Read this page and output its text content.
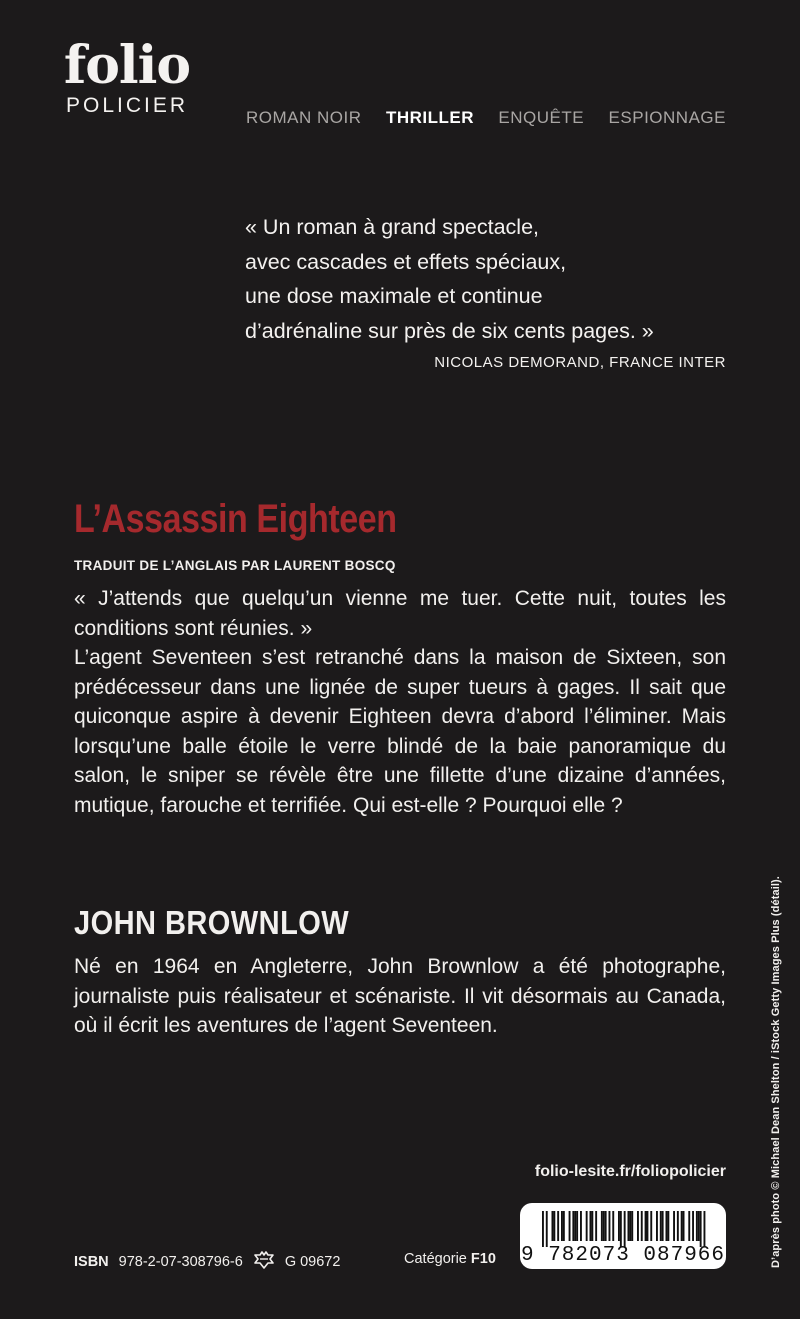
folio
POLICIER
ROMAN NOIR THRILLER ENQUÊTE ESPIONNAGE
« Un roman à grand spectacle,
avec cascades et effets spéciaux,
une dose maximale et continue
d’adrénaline sur près de six cents pages. »
NICOLAS DEMORAND, FRANCE INTER
L’Assassin Eighteen
TRADUIT DE L’ANGLAIS PAR LAURENT BOSCQ

« J’attends que quelqu’un vienne me tuer. Cette nuit, toutes les conditions sont réunies. »

L’agent Seventeen s’est retranché dans la maison de Sixteen, son prédécesseur dans une lignée de super tueurs à gages. Il sait que quiconque aspire à devenir Eighteen devra d’abord l’éliminer. Mais lorsqu’une balle étoile le verre blindé de la baie panoramique du salon, le sniper se révèle être une fillette d’une dizaine d’années, mutique, farouche et terrifiée. Qui est-elle ? Pourquoi elle ?

JOHN BROWNLOW

Né en 1964 en Angleterre, John Brownlow a été photographe, journaliste puis réalisateur et scénariste. Il vit désormais au Canada, où il écrit les aventures de l’agent Seventeen.

folio-lesite.fr/foliopolicier
ISBN 978-2-07-308796-6	G 09672	Catégorie F10 9 782073 087966	D’après photo © Michael Dean Shelton / iStock Getty Images Plus (détail).
